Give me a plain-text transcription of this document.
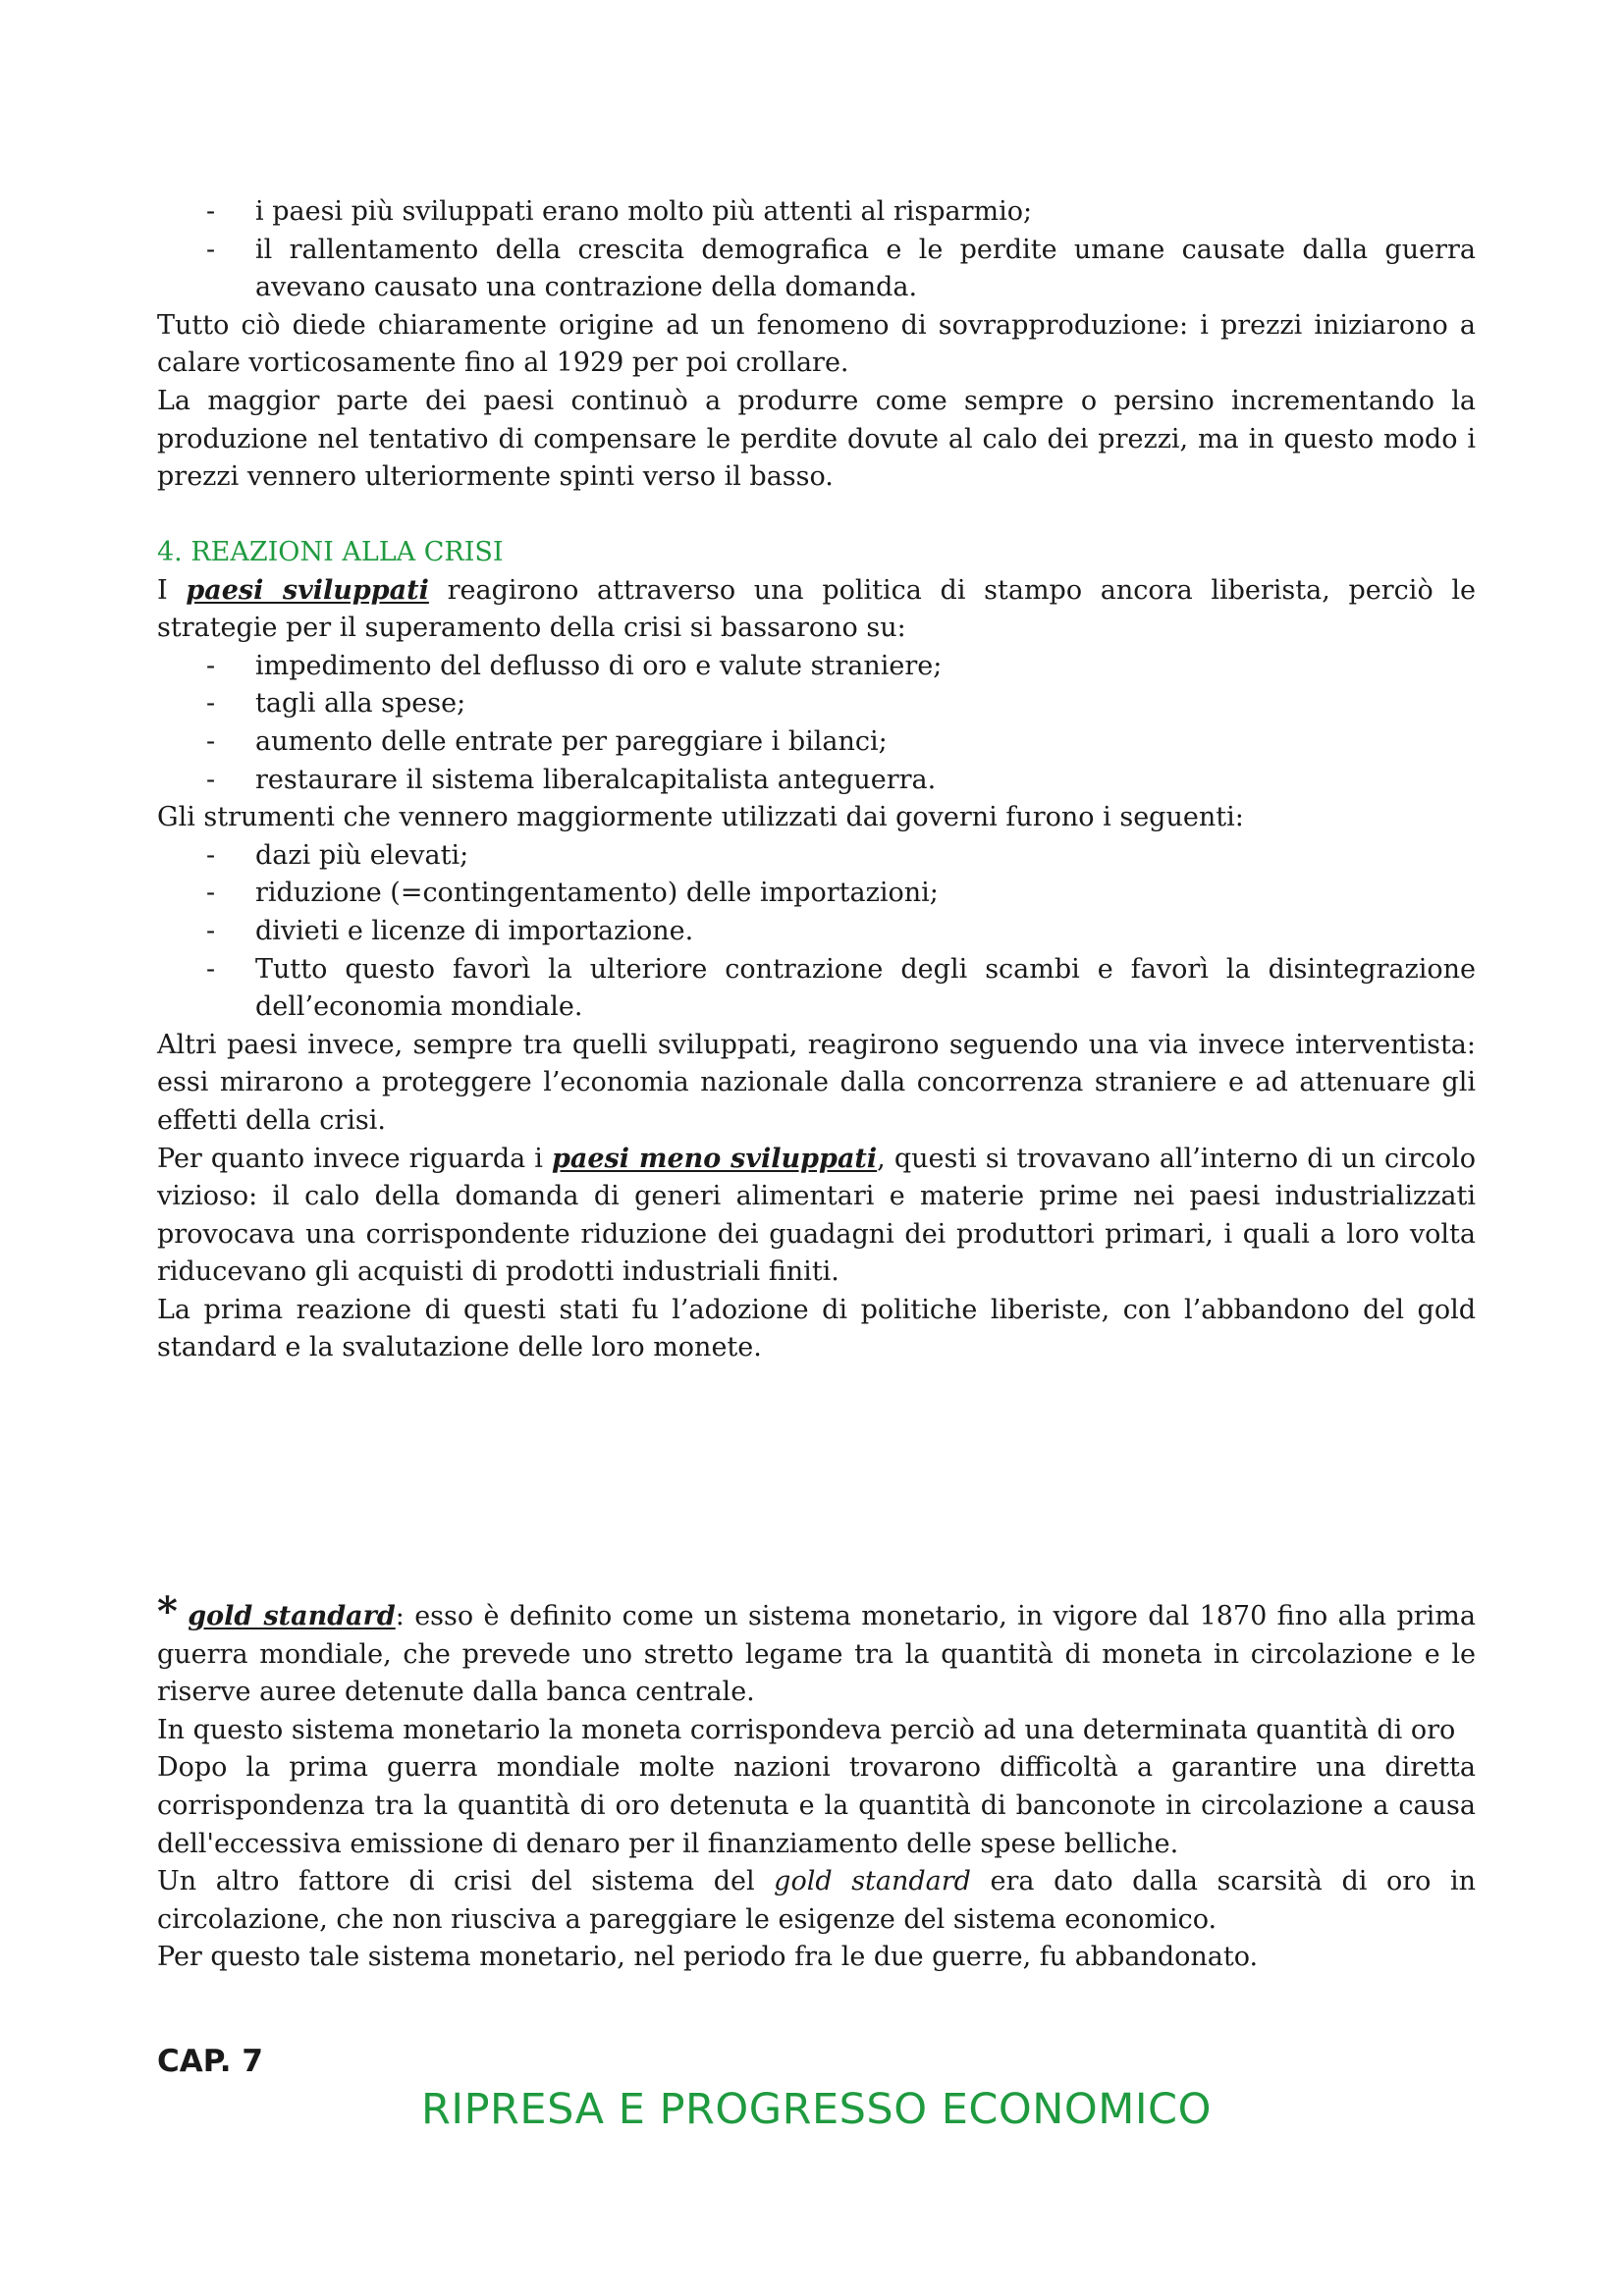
- i paesi più sviluppati erano molto più attenti al risparmio;
- il rallentamento della crescita demografica e le perdite umane causate dalla guerra avevano causato una contrazione della domanda.

Tutto ciò diede chiaramente origine ad un fenomeno di sovrapproduzione: i prezzi iniziarono a calare vorticosamente fino al 1929 per poi crollare.

La maggior parte dei paesi continuò a produrre come sempre o persino incrementando la produzione nel tentativo di compensare le perdite dovute al calo dei prezzi, ma in questo modo i prezzi vennero ulteriormente spinti verso il basso.

4. REAZIONI ALLA CRISI

I paesi sviluppati reagirono attraverso una politica di stampo ancora liberista, perciò le strategie per il superamento della crisi si bassarono su:

- impedimento del deflusso di oro e valute straniere;
- tagli alla spese;
- aumento delle entrate per pareggiare i bilanci;
- restaurare il sistema liberalcapitalista anteguerra.

Gli strumenti che vennero maggiormente utilizzati dai governi furono i seguenti:

- dazi più elevati;
- riduzione (=contingentamento) delle importazioni;
- divieti e licenze di importazione.
- Tutto questo favorì la ulteriore contrazione degli scambi e favorì la disintegrazione dell’economia mondiale.

Altri paesi invece, sempre tra quelli sviluppati, reagirono seguendo una via invece interventista: essi mirarono a proteggere l’economia nazionale dalla concorrenza straniere e ad attenuare gli effetti della crisi.

Per quanto invece riguarda i paesi meno sviluppati, questi si trovavano all’interno di un circolo vizioso: il calo della domanda di generi alimentari e materie prime nei paesi industrializzati provocava una corrispondente riduzione dei guadagni dei produttori primari, i quali a loro volta riducevano gli acquisti di prodotti industriali finiti.

La prima reazione di questi stati fu l’adozione di politiche liberiste, con l’abbandono del gold standard e la svalutazione delle loro monete.

* gold standard: esso è definito come un sistema monetario, in vigore dal 1870 fino alla prima guerra mondiale, che prevede uno stretto legame tra la quantità di moneta in circolazione e le riserve auree detenute dalla banca centrale.

In questo sistema monetario la moneta corrispondeva perciò ad una determinata quantità di oro

Dopo la prima guerra mondiale molte nazioni trovarono difficoltà a garantire una diretta corrispondenza tra la quantità di oro detenuta e la quantità di banconote in circolazione a causa dell'eccessiva emissione di denaro per il finanziamento delle spese belliche.

Un altro fattore di crisi del sistema del gold standard era dato dalla scarsità di oro in circolazione, che non riusciva a pareggiare le esigenze del sistema economico.

Per questo tale sistema monetario, nel periodo fra le due guerre, fu abbandonato.

CAP. 7
RIPRESA E PROGRESSO ECONOMICO
